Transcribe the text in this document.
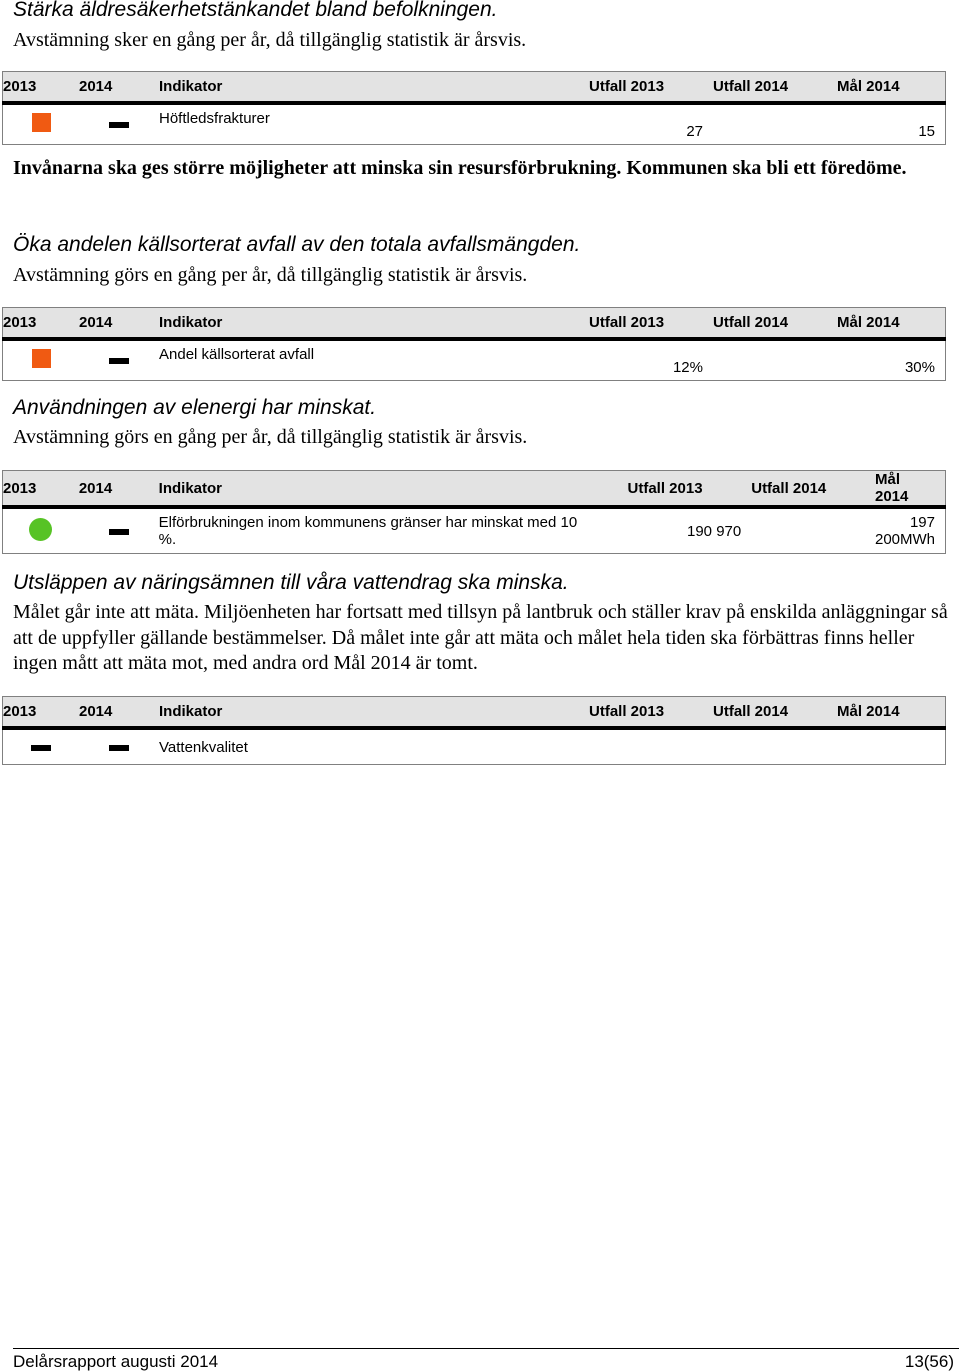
Stärka äldresäkerhetstänkandet bland befolkningen.
Avstämning sker en gång per år, då tillgänglig statistik är årsvis.
2013	2014	Indikator	Utfall 2013	Utfall 2014	Mål 2014
		Höftledsfrakturer	27		15
Invånarna ska ges större möjligheter att minska sin resursförbrukning. Kommunen ska bli ett föredöme.
Öka andelen källsorterat avfall av den totala avfallsmängden.
Avstämning görs en gång per år, då tillgänglig statistik är årsvis.
2013	2014	Indikator	Utfall 2013	Utfall 2014	Mål 2014
		Andel källsorterat avfall	12%		30%
Användningen av elenergi har minskat.
Avstämning görs en gång per år, då tillgänglig statistik är årsvis.
2013	2014	Indikator	Utfall 2013	Utfall 2014	Mål 2014
		Elförbrukningen inom kommunens gränser har minskat med 10 %.	190 970		197 200MWh
Utsläppen av näringsämnen till våra vattendrag ska minska.
Målet går inte att mäta. Miljöenheten har fortsatt med tillsyn på lantbruk och ställer krav på enskilda anläggningar så att de uppfyller gällande bestämmelser. Då målet inte går att mäta och målet hela tiden ska förbättras finns heller ingen mått att mäta mot, med andra ord Mål 2014 är tomt.
2013	2014	Indikator	Utfall 2013	Utfall 2014	Mål 2014
		Vattenkvalitet			
Delårsrapport augusti 2014	13(56)
